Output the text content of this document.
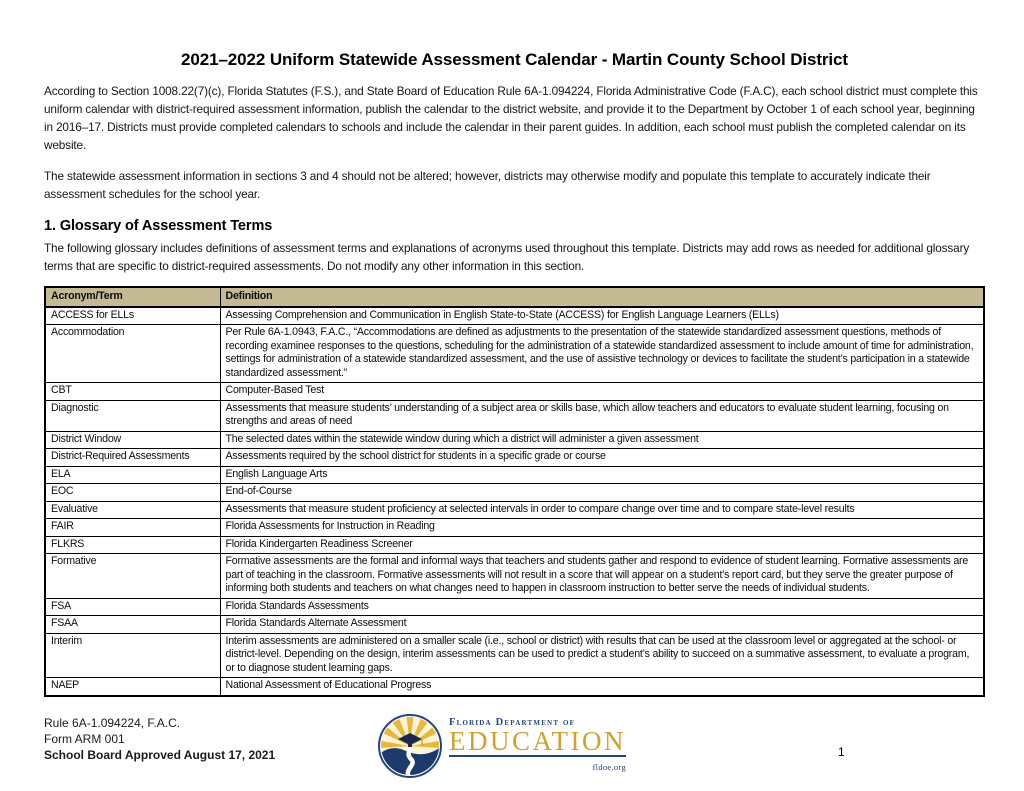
2021–2022 Uniform Statewide Assessment Calendar - Martin County School District

According to Section 1008.22(7)(c), Florida Statutes (F.S.), and State Board of Education Rule 6A-1.094224, Florida Administrative Code (F.A.C), each school district must complete this uniform calendar with district-required assessment information, publish the calendar to the district website, and provide it to the Department by October 1 of each school year, beginning in 2016–17. Districts must provide completed calendars to schools and include the calendar in their parent guides. In addition, each school must publish the completed calendar on its website.

The statewide assessment information in sections 3 and 4 should not be altered; however, districts may otherwise modify and populate this template to accurately indicate their assessment schedules for the school year.

1. Glossary of Assessment Terms

The following glossary includes definitions of assessment terms and explanations of acronyms used throughout this template. Districts may add rows as needed for additional glossary terms that are specific to district-required assessments. Do not modify any other information in this section.

Acronym/Term	Definition
ACCESS for ELLs	Assessing Comprehension and Communication in English State-to-State (ACCESS) for English Language Learners (ELLs)
Accommodation	Per Rule 6A-1.0943, F.A.C., “Accommodations are defined as adjustments to the presentation of the statewide standardized assessment questions, methods of recording examinee responses to the questions, scheduling for the administration of a statewide standardized assessment to include amount of time for administration, settings for administration of a statewide standardized assessment, and the use of assistive technology or devices to facilitate the student’s participation in a statewide standardized assessment.”
CBT	Computer-Based Test
Diagnostic	Assessments that measure students’ understanding of a subject area or skills base, which allow teachers and educators to evaluate student learning, focusing on strengths and areas of need
District Window	The selected dates within the statewide window during which a district will administer a given assessment
District-Required Assessments	Assessments required by the school district for students in a specific grade or course
ELA	English Language Arts
EOC	End-of-Course
Evaluative	Assessments that measure student proficiency at selected intervals in order to compare change over time and to compare state-level results
FAIR	Florida Assessments for Instruction in Reading
FLKRS	Florida Kindergarten Readiness Screener
Formative	Formative assessments are the formal and informal ways that teachers and students gather and respond to evidence of student learning. Formative assessments are part of teaching in the classroom. Formative assessments will not result in a score that will appear on a student's report card, but they serve the greater purpose of informing both students and teachers on what changes need to happen in classroom instruction to better serve the needs of individual students.
FSA	Florida Standards Assessments
FSAA	Florida Standards Alternate Assessment
Interim	Interim assessments are administered on a smaller scale (i.e., school or district) with results that can be used at the classroom level or aggregated at the school- or district-level. Depending on the design, interim assessments can be used to predict a student’s ability to succeed on a summative assessment, to evaluate a program, or to diagnose student learning gaps.
NAEP	National Assessment of Educational Progress
Rule 6A-1.094224, F.A.C.
Form ARM 001
School Board Approved August 17, 2021
Florida Department of
EDUCATION
fldoe.org
1
